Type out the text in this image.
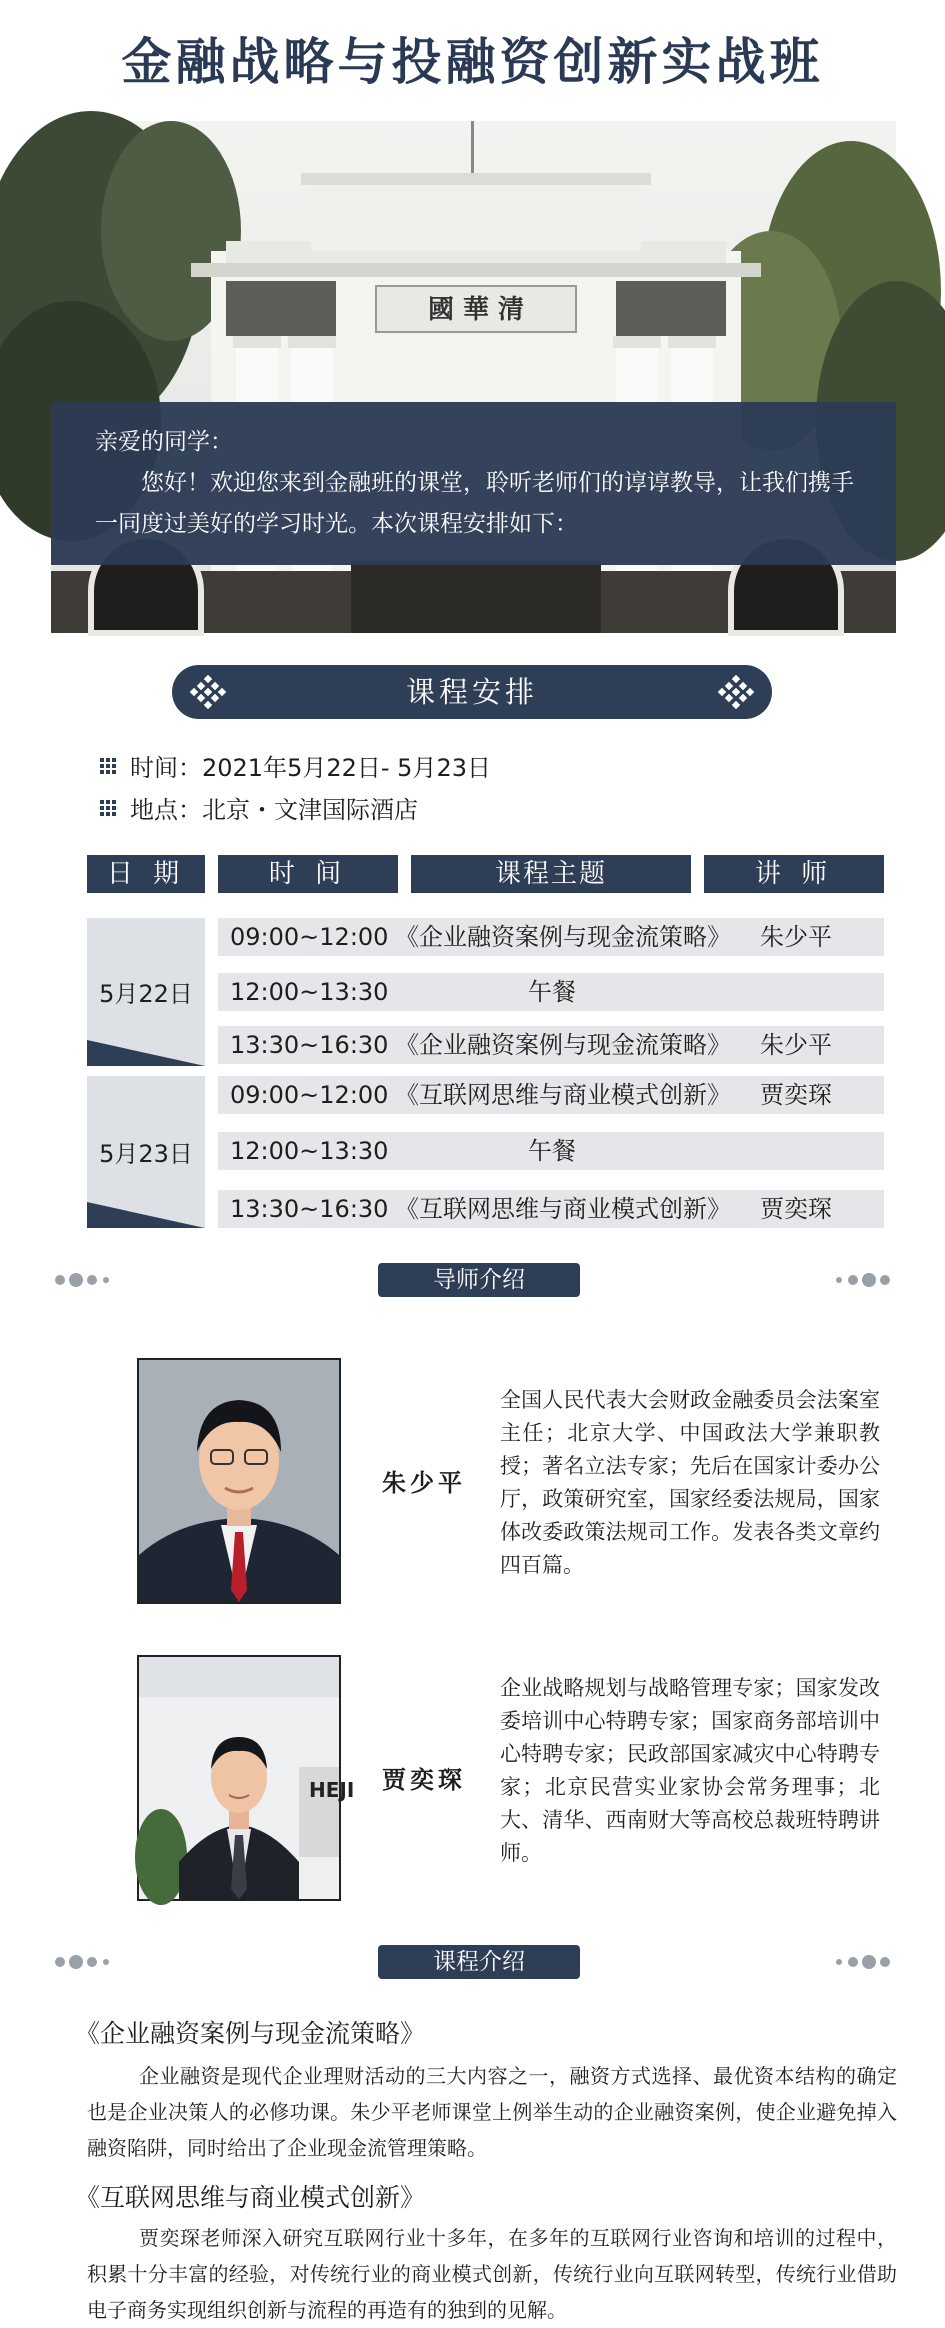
金融战略与投融资创新实战班
國 華 清
亲爱的同学：
您好！欢迎您来到金融班的课堂，聆听老师们的谆谆教导，让我们携手一同度过美好的学习时光。本次课程安排如下：
课程安排
时间：2021年5月22日- 5月23日
地点：北京・文津国际酒店
日 期	时 间	课程主题	讲 师
5月22日
09:00~12:00 《企业融资案例与现金流策略》 朱少平
12:00~13:30	午餐
13:30~16:30 《企业融资案例与现金流策略》 朱少平
5月23日
09:00~12:00 《互联网思维与商业模式创新》 贾奕琛
12:00~13:30	午餐
13:30~16:30 《互联网思维与商业模式创新》 贾奕琛
导师介绍
朱少平
全国人民代表大会财政金融委员会法案室主任；北京大学、中国政法大学兼职教授；著名立法专家；先后在国家计委办公厅，政策研究室，国家经委法规局，国家体改委政策法规司工作。发表各类文章约四百篇。
HEJI 贾奕琛
企业战略规划与战略管理专家；国家发改委培训中心特聘专家；国家商务部培训中心特聘专家；民政部国家减灾中心特聘专家；北京民营实业家协会常务理事；北大、清华、西南财大等高校总裁班特聘讲师。
课程介绍
《企业融资案例与现金流策略》
企业融资是现代企业理财活动的三大内容之一，融资方式选择、最优资本结构的确定也是企业决策人的必修功课。朱少平老师课堂上例举生动的企业融资案例，使企业避免掉入融资陷阱，同时给出了企业现金流管理策略。
《互联网思维与商业模式创新》
贾奕琛老师深入研究互联网行业十多年，在多年的互联网行业咨询和培训的过程中，积累十分丰富的经验，对传统行业的商业模式创新，传统行业向互联网转型，传统行业借助电子商务实现组织创新与流程的再造有的独到的见解。
